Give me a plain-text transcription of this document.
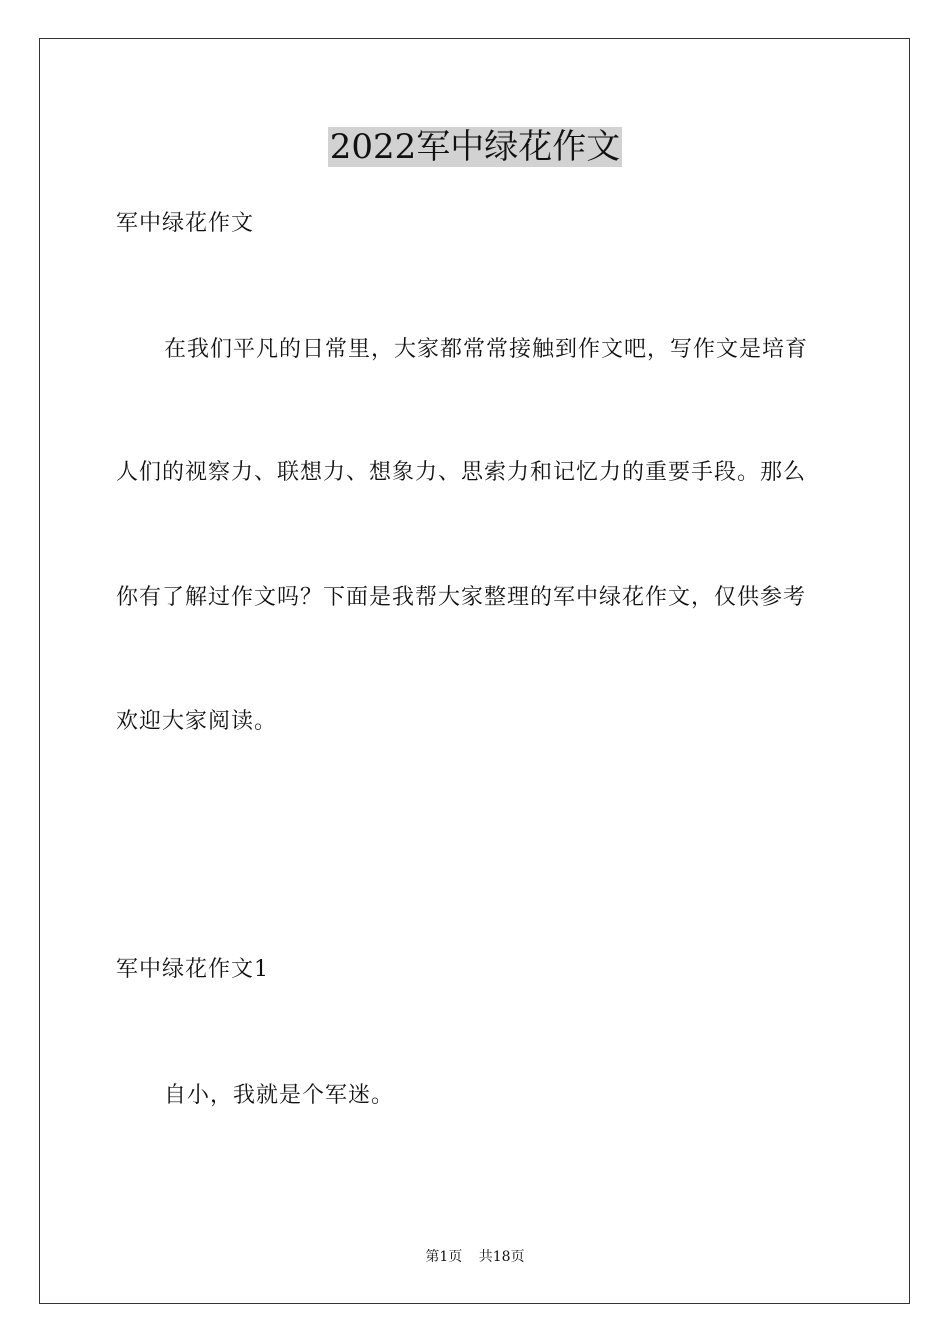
2022军中绿花作文

军中绿花作文

在我们平凡的日常里，大家都常常接触到作文吧，写作文是培育

人们的视察力、联想力、想象力、思索力和记忆力的重要手段。那么

你有了解过作文吗？下面是我帮大家整理的军中绿花作文，仅供参考

欢迎大家阅读。

军中绿花作文1

自小，我就是个军迷。

第1页 共18页
